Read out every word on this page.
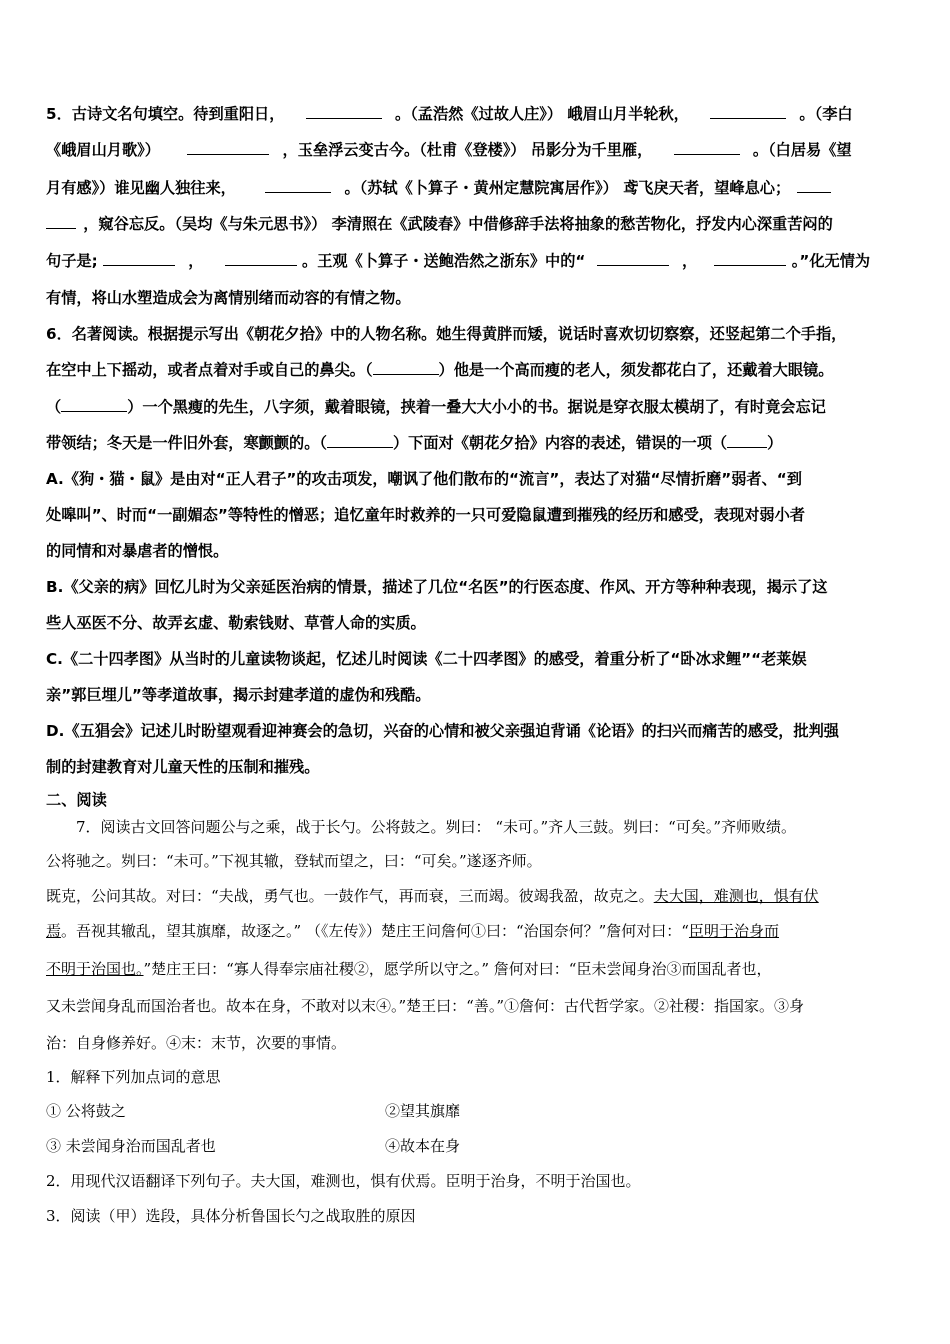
5．古诗文名句填空。待到重阳日，	。（孟浩然《过故人庄》） 峨眉山月半轮秋，	。（李白
《峨眉山月歌》）	，玉垒浮云变古今。（杜甫《登楼》） 吊影分为千里雁，	。（白居易《望
月有感》）谁见幽人独往来，	。（苏轼《卜算子・黄州定慧院寓居作》） 鸢飞戾天者，望峰息心；
，窥谷忘反。（吴均《与朱元思书》） 李清照在《武陵春》中借修辞手法将抽象的愁苦物化，抒发内心深重苦闷的
句子是;	，	。王观《卜算子・送鲍浩然之浙东》中的“	，	。”化无情为
有情，将山水塑造成会为离情别绪而动容的有情之物。
6．名著阅读。根据提示写出《朝花夕拾》中的人物名称。她生得黄胖而矮，说话时喜欢切切察察，还竖起第二个手指，
在空中上下摇动，或者点着对手或自己的鼻尖。（	）他是一个高而瘦的老人，须发都花白了，还戴着大眼镜。
（	）一个黑瘦的先生，八字须，戴着眼镜，挟着一叠大大小小的书。据说是穿衣服太模胡了，有时竟会忘记
带领结；冬天是一件旧外套，寒颤颤的。（	）下面对《朝花夕拾》内容的表述，错误的一项（	）
A.《狗・猫・鼠》是由对“正人君子”的攻击项发，嘲讽了他们散布的“流言”，表达了对猫“尽情折磨”弱者、“到
处嗥叫”、时而“一副媚态”等特性的憎恶；追忆童年时救养的一只可爱隐鼠遭到摧残的经历和感受，表现对弱小者
的同情和对暴虐者的憎恨。
B.《父亲的病》回忆儿时为父亲延医治病的情景，描述了几位“名医”的行医态度、作风、开方等种种表现，揭示了这
些人巫医不分、故弄玄虚、勒索钱财、草菅人命的实质。
C.《二十四孝图》从当时的儿童读物谈起，忆述儿时阅读《二十四孝图》的感受，着重分析了“卧冰求鲤”“老莱娱
亲”郭巨埋儿”等孝道故事，揭示封建孝道的虚伪和残酷。
D.《五猖会》记述儿时盼望观看迎神赛会的急切，兴奋的心情和被父亲强迫背诵《论语》的扫兴而痛苦的感受，批判强
制的封建教育对儿童天性的压制和摧残。
二、阅读
7．阅读古文回答问题公与之乘，战于长勺。公将鼓之。刿曰： “未可。”齐人三鼓。刿曰：“可矣。”齐师败绩。
公将驰之。刿曰：“未可。”下视其辙，登轼而望之，曰：“可矣。”遂逐齐师。
既克，公问其故。对曰：“夫战，勇气也。一鼓作气，再而衰，三而竭。彼竭我盈，故克之。夫大国，难测也，惧有伏
焉。吾视其辙乱，望其旗靡，故逐之。” （《左传》）楚庄王问詹何①曰：“治国奈何？”詹何对曰：“臣明于治身而
不明于治国也。”楚庄王曰：“寡人得奉宗庙社稷②，愿学所以守之。” 詹何对曰：“臣未尝闻身治③而国乱者也，
又未尝闻身乱而国治者也。故本在身，不敢对以末④。”楚王曰：“善。”①詹何：古代哲学家。②社稷：指国家。③身
治：自身修养好。④末：末节，次要的事情。
1．解释下列加点词的意思
① 公将鼓之	②望其旗靡
③ 未尝闻身治而国乱者也	④故本在身
2．用现代汉语翻译下列句子。夫大国，难测也，惧有伏焉。臣明于治身，不明于治国也。
3．阅读（甲）选段，具体分析鲁国长勺之战取胜的原因
